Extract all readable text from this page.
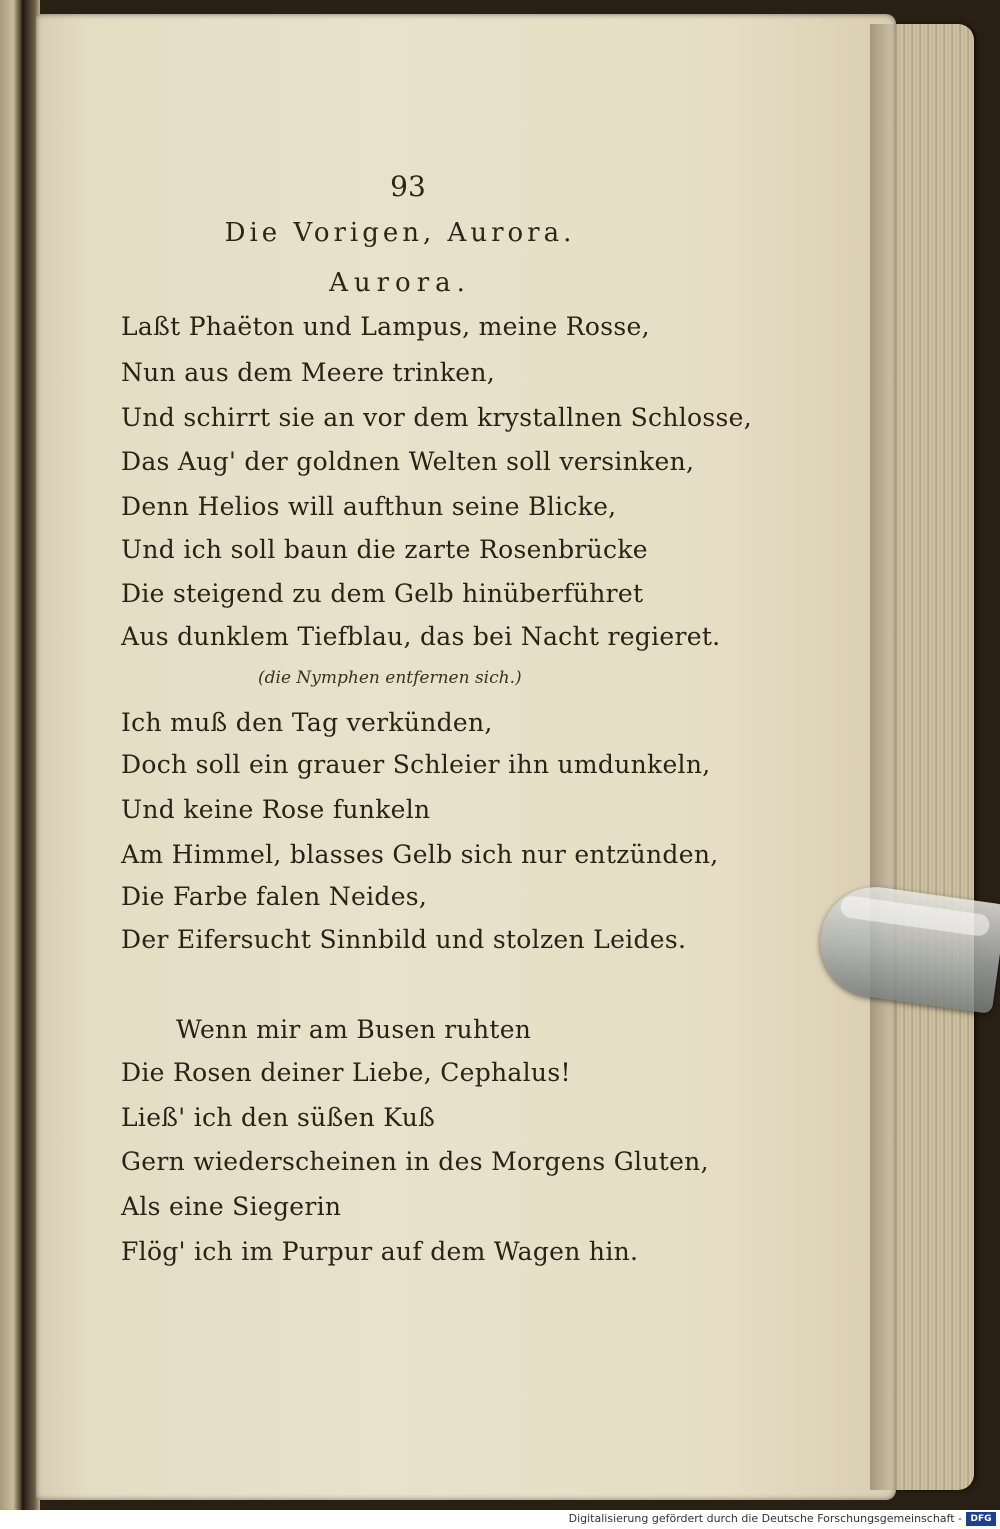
93
Die Vorigen, Aurora.
Aurora.
Laßt Phaëton und Lampus, meine Rosse,
Nun aus dem Meere trinken,
Und schirrt sie an vor dem krystallnen Schlosse,
Das Aug' der goldnen Welten soll versinken,
Denn Helios will aufthun seine Blicke,
Und ich soll baun die zarte Rosenbrücke
Die steigend zu dem Gelb hinüberführet
Aus dunklem Tiefblau, das bei Nacht regieret.
(die Nymphen entfernen sich.)
Ich muß den Tag verkünden,
Doch soll ein grauer Schleier ihn umdunkeln,
Und keine Rose funkeln
Am Himmel, blasses Gelb sich nur entzünden,
Die Farbe falen Neides,
Der Eifersucht Sinnbild und stolzen Leides.
Wenn mir am Busen ruhten
Die Rosen deiner Liebe, Cephalus!
Ließ' ich den süßen Kuß
Gern wiederscheinen in des Morgens Gluten,
Als eine Siegerin
Flög' ich im Purpur auf dem Wagen hin.
Digitalisierung gefördert durch die Deutsche Forschungsgemeinschaft - DFG
